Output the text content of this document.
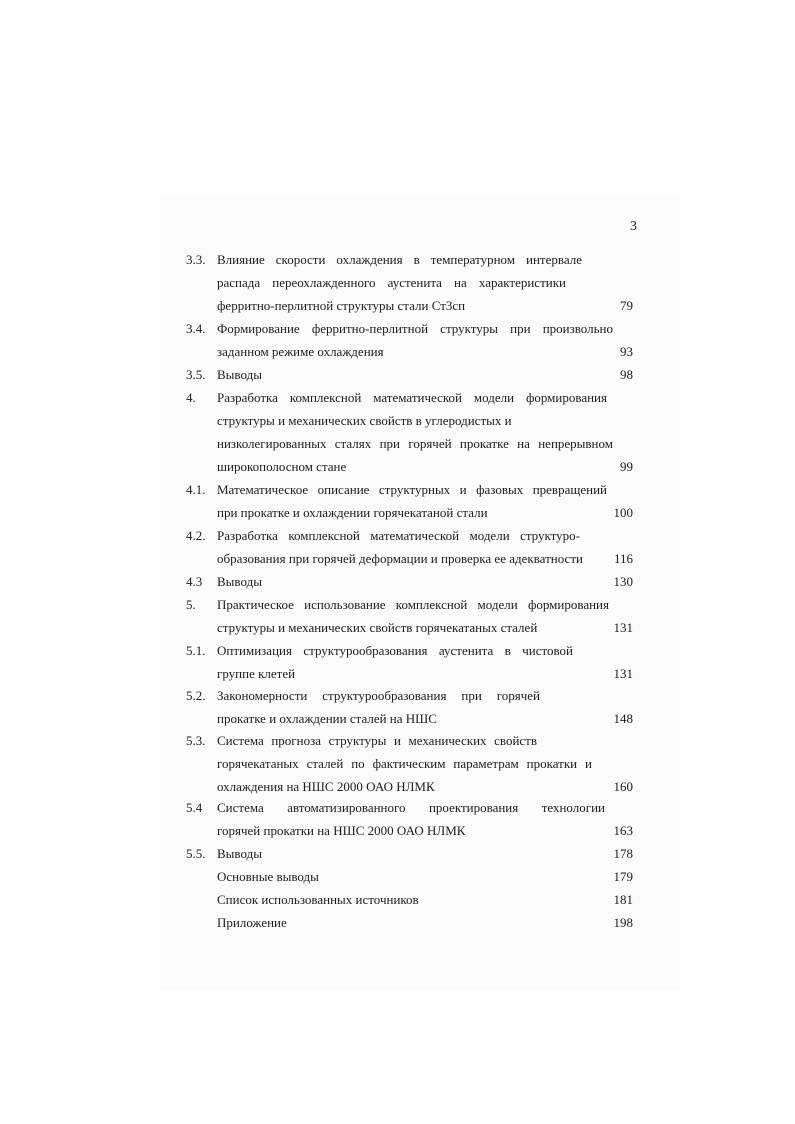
3
3.3. Влияние скорости охлаждения в температурном интервале
распада переохлажденного аустенита на характеристики
ферритно-перлитной структуры стали Ст3сп	79
3.4. Формирование ферритно-перлитной структуры при произвольно
заданном режиме охлаждения	93
3.5. Выводы	98
4. Разработка комплексной математической модели формирования
структуры и механических свойств в углеродистых и
низколегированных сталях при горячей прокатке на непрерывном
широкополосном стане	99
4.1. Математическое описание структурных и фазовых превращений
при прокатке и охлаждении горячекатаной стали	100
4.2. Разработка комплексной математической модели структуро-
образования при горячей деформации и проверка ее адекватности 116
4.3 Выводы	130
5. Практическое использование комплексной модели формирования
структуры и механических свойств горячекатаных сталей	131
5.1. Оптимизация структурообразования аустенита в чистовой
группе клетей	131
5.2. Закономерности структурообразования при горячей
прокатке и охлаждении сталей на НШС	148
5.3. Система прогноза структуры и механических свойств
горячекатаных сталей по фактическим параметрам прокатки и
охлаждения на НШС 2000 ОАО НЛМК	160
5.4 Система автоматизированного проектирования технологии
горячей прокатки на НШС 2000 ОАО НЛМК	163
5.5. Выводы	178
Основные выводы	179
Список использованных источников	181
Приложение	198
